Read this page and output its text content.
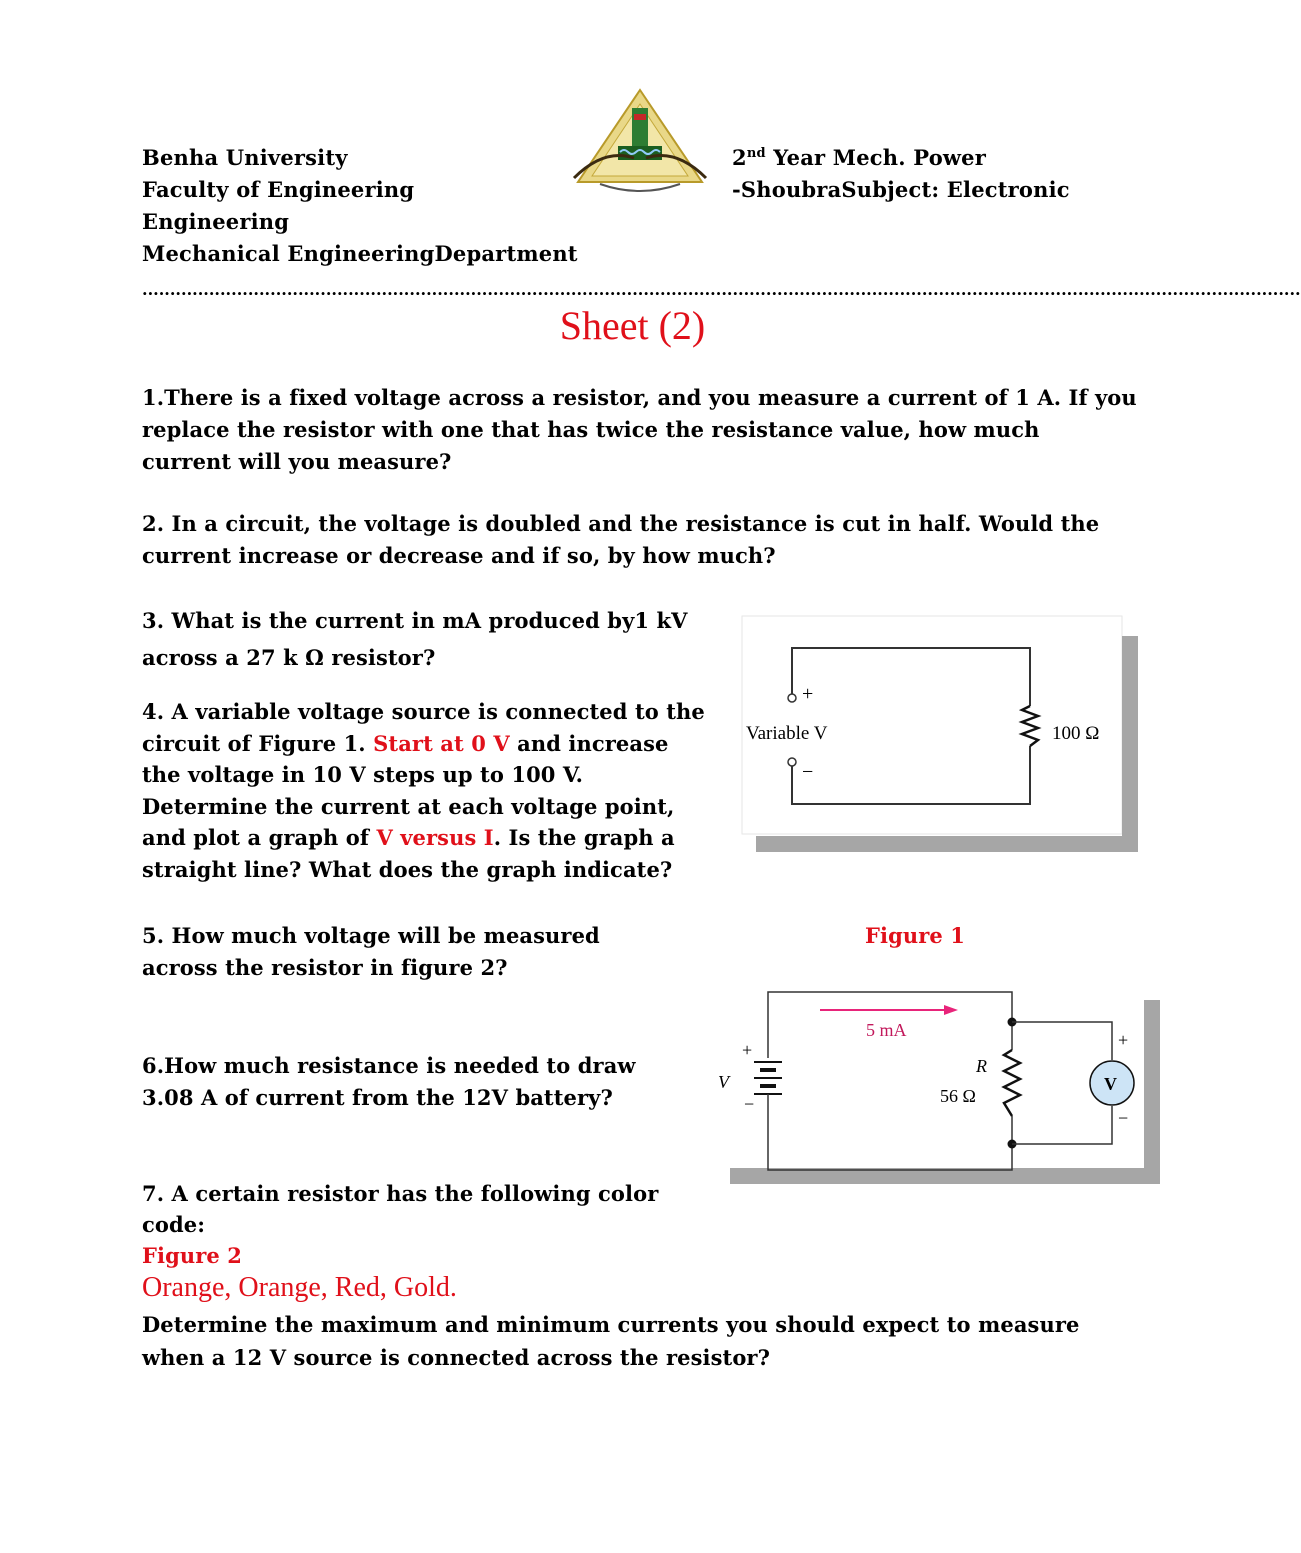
Benha University
Faculty of Engineering
Engineering
Mechanical EngineeringDepartment
2nd Year Mech. Power
-ShoubraSubject: Electronic
................................................................................................................................................................................................................
Sheet (2)
1.There is a fixed voltage across a resistor, and you measure a current of 1 A. If you
replace the resistor with one that has twice the resistance value, how much
current will you measure?
2. In a circuit, the voltage is doubled and the resistance is cut in half. Would the
current increase or decrease and if so, by how much?
3. What is the current in mA produced by1 kV
across a 27 k Ω resistor?
4. A variable voltage source is connected to the
circuit of Figure 1. Start at 0 V and increase
the voltage in 10 V steps up to 100 V.
Determine the current at each voltage point,
and plot a graph of V versus I. Is the graph a
straight line? What does the graph indicate?
+
−
Variable V	100 Ω
Figure 1
5. How much voltage will be measured
across the resistor in figure 2?
+
−
V
5 mA
R
56 Ω
V
+
−
6.How much resistance is needed to draw
3.08 A of current from the 12V battery?
7. A certain resistor has the following color
code:
Figure 2
Orange, Orange, Red, Gold.
Determine the maximum and minimum currents you should expect to measure
when a 12 V source is connected across the resistor?
